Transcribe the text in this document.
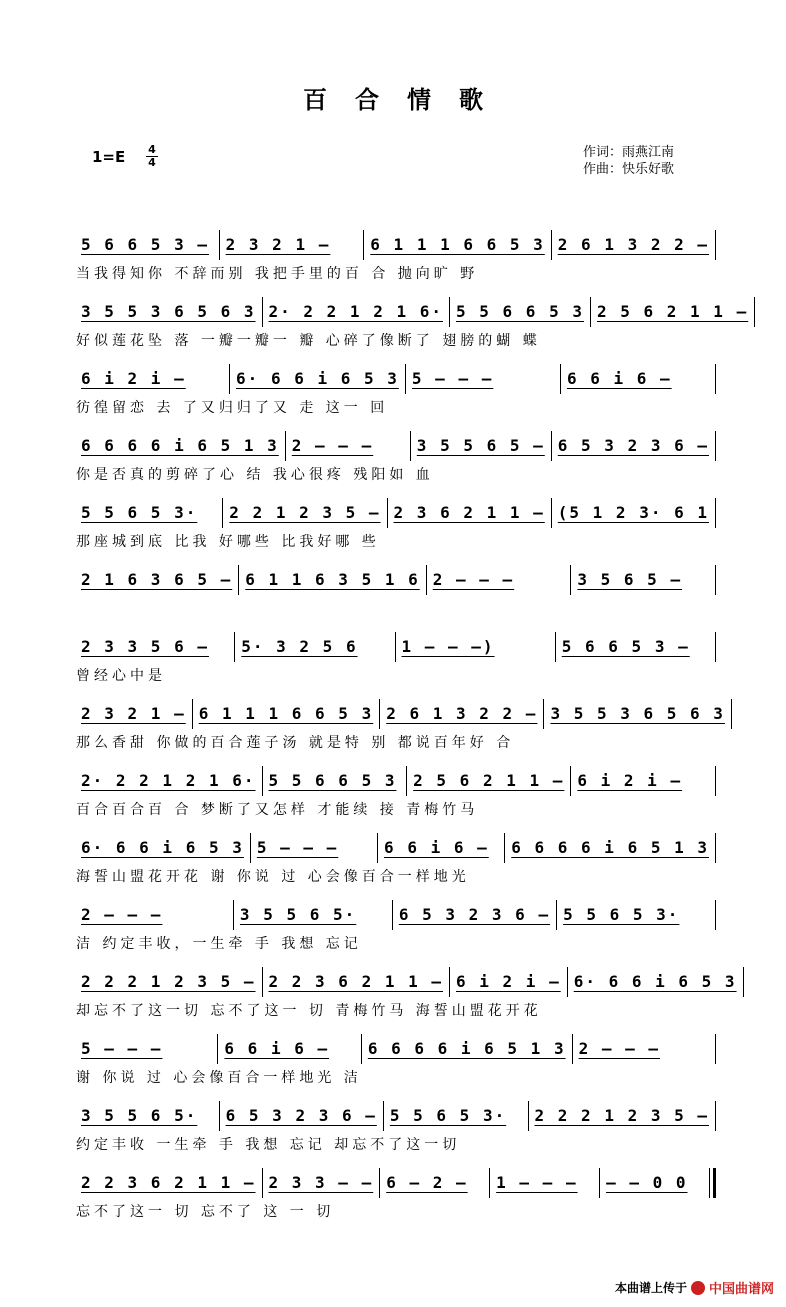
百合情歌
1=E 4
4
作词：雨燕江南
作曲：快乐好歌
5 6 6 5 3 –	2 3 2 1 –	6 1 1 1 6 6 5 3 2 6 1 3 2 2 –
当我得知你 不辞而别 我把手里的百 合 抛向旷 野
3 5 5 3 6 5 6 3 2· 2 2 1 2 1 6· 5 5 6 6 5 3 2 5 6 2 1 1 –
好似莲花坠 落 一瓣一瓣一 瓣 心碎了像断了 翅膀的蝴 蝶
6 i 2 i –	6· 6 6 i 6 5 3 5 – – –	6 6 i 6 –
彷徨留恋 去 了又归归了又 走 这一 回
6 6 6 6 i 6 5 1 3 2 – – –	3 5 5 6 5 – 6 5 3 2 3 6 –
你是否真的剪碎了心 结 我心很疼 残阳如 血
5 5 6 5 3·	2 2 1 2 3 5 – 2 3 6 2 1 1 – (5 1 2 3· 6 1
那座城到底 比我 好哪些 比我好哪 些
2 1 6 3 6 5 – 6 1 1 6 3 5 1 6 2 – – –	3 5 6 5 –
2 3 3 5 6 –	5· 3 2 5 6	1 – – –)	5 6 6 5 3 –
曾经心中是
2 3 2 1 – 6 1 1 1 6 6 5 3 2 6 1 3 2 2 – 3 5 5 3 6 5 6 3
那么香甜 你做的百合莲子汤 就是特 别 都说百年好 合
2· 2 2 1 2 1 6· 5 5 6 6 5 3	2 5 6 2 1 1 – 6 i 2 i –
百合百合百 合 梦断了又怎样 才能续 接 青梅竹马
6· 6 6 i 6 5 3 5 – – –	6 6 i 6 –	6 6 6 6 i 6 5 1 3
海誓山盟花开花 谢 你说 过 心会像百合一样地光
2 – – –	3 5 5 6 5·	6 5 3 2 3 6 – 5 5 6 5 3·
洁 约定丰收，一生牵 手 我想 忘记
2 2 2 1 2 3 5 – 2 2 3 6 2 1 1 – 6 i 2 i – 6· 6 6 i 6 5 3
却忘不了这一切 忘不了这一 切 青梅竹马 海誓山盟花开花
5 – – –	6 6 i 6 –	6 6 6 6 i 6 5 1 3 2 – – –
谢 你说 过 心会像百合一样地光 洁
3 5 5 6 5·	6 5 3 2 3 6 – 5 5 6 5 3·	2 2 2 1 2 3 5 –
约定丰收 一生牵 手 我想 忘记 却忘不了这一切
2 2 3 6 2 1 1 – 2 3 3 – – 6 – 2 –	1 – – –	– – 0 0
忘不了这一 切 忘不了 这 一 切
本曲谱上传于 中国曲谱网
